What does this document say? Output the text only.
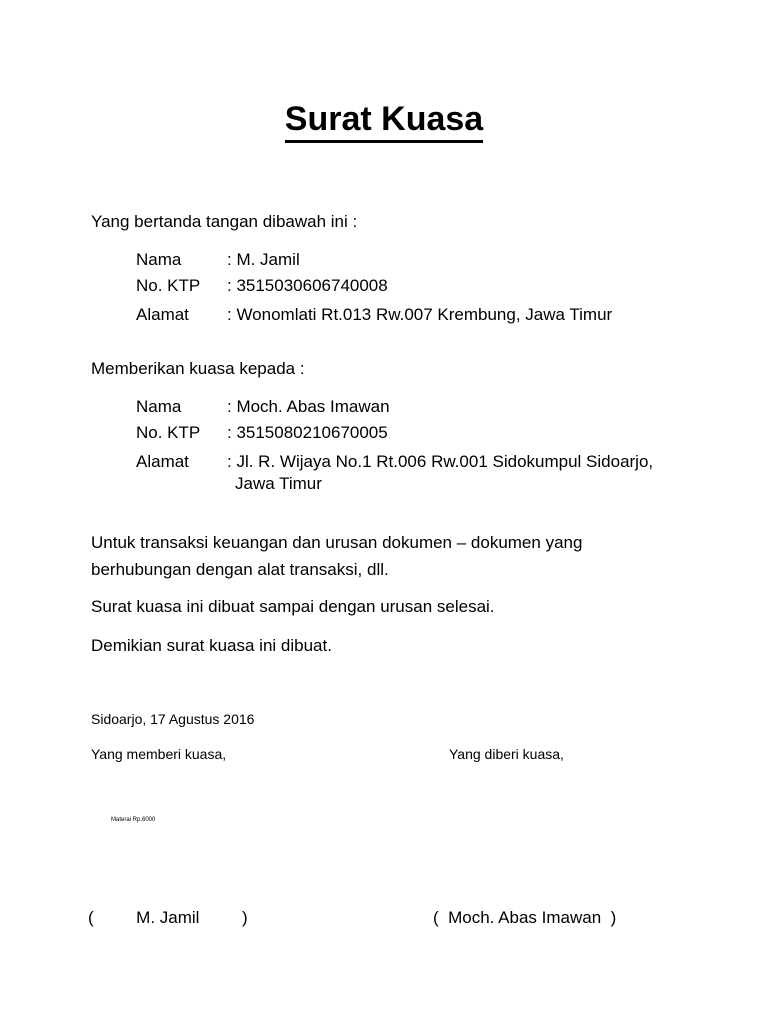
Surat Kuasa
Yang bertanda tangan dibawah ini :
Nama	: M. Jamil
No. KTP : 3515030606740008
Alamat : Wonomlati Rt.013 Rw.007 Krembung, Jawa Timur
Memberikan kuasa kepada :
Nama	: Moch. Abas Imawan
No. KTP : 3515080210670005
Alamat : Jl. R. Wijaya No.1 Rt.006 Rw.001 Sidokumpul Sidoarjo,
Jawa Timur
Untuk transaksi keuangan dan urusan dokumen – dokumen yang
berhubungan dengan alat transaksi, dll.
Surat kuasa ini dibuat sampai dengan urusan selesai.
Demikian surat kuasa ini dibuat.
Sidoarjo, 17 Agustus 2016
Yang memberi kuasa,	Yang diberi kuasa,
Materai Rp.6000
(         M. Jamil         )	(  Moch. Abas Imawan  )
